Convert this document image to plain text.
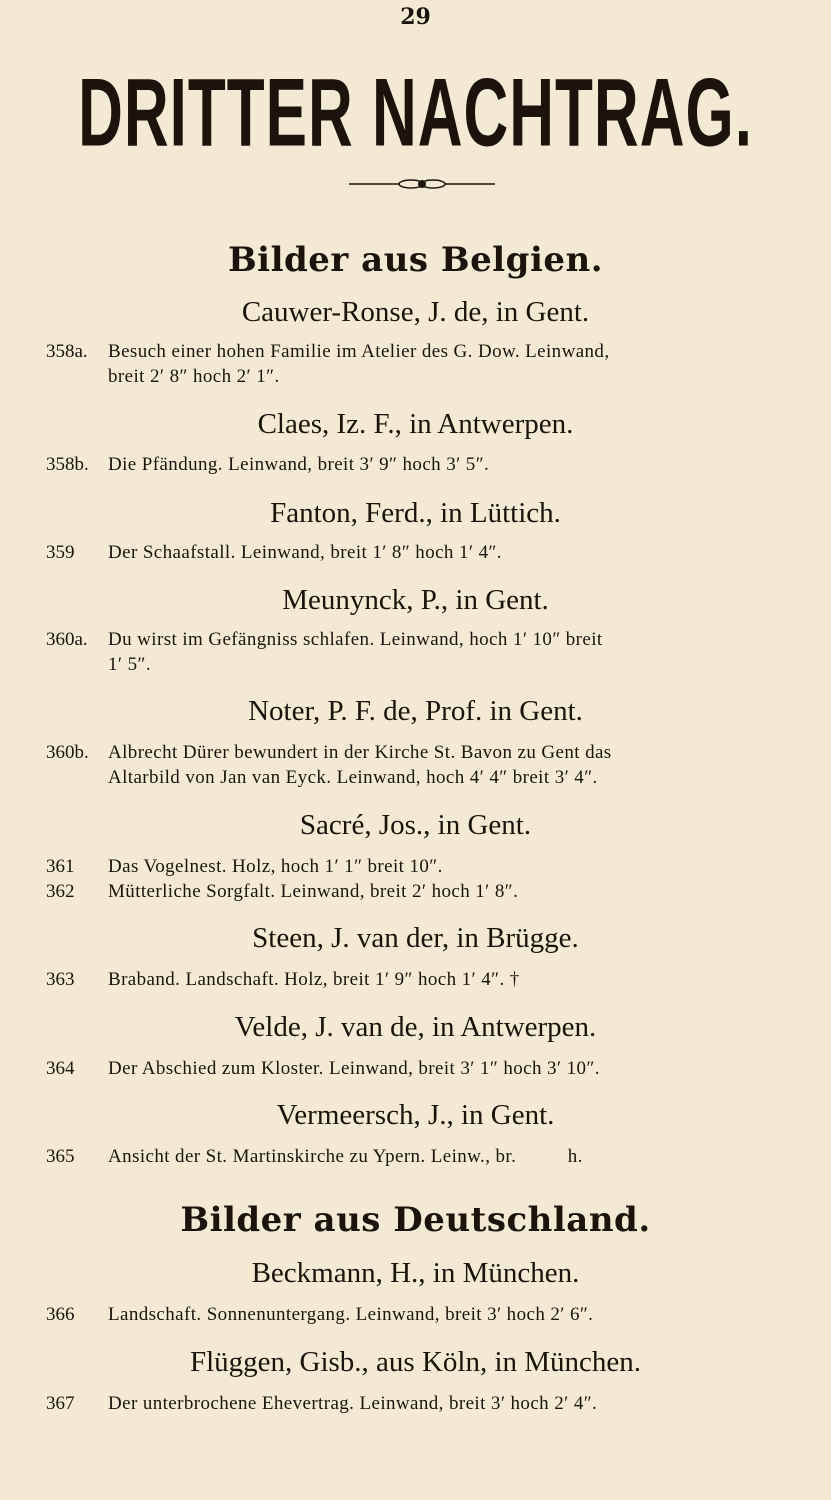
29
DRITTER NACHTRAG.
Bilder aus Belgien.
Cauwer-Ronse, J. de, in Gent.
358a. Besuch einer hohen Familie im Atelier des G. Dow. Leinwand,
breit 2′ 8″ hoch 2′ 1″.
Claes, Iz. F., in Antwerpen.
358b. Die Pfändung. Leinwand, breit 3′ 9″ hoch 3′ 5″.
Fanton, Ferd., in Lüttich.
359 Der Schaafstall. Leinwand, breit 1′ 8″ hoch 1′ 4″.
Meunynck, P., in Gent.
360a. Du wirst im Gefängniss schlafen. Leinwand, hoch 1′ 10″ breit
1′ 5″.
Noter, P. F. de, Prof. in Gent.
360b. Albrecht Dürer bewundert in der Kirche St. Bavon zu Gent das
Altarbild von Jan van Eyck. Leinwand, hoch 4′ 4″ breit 3′ 4″.
Sacré, Jos., in Gent.
361 Das Vogelnest. Holz, hoch 1′ 1″ breit 10″.
362 Mütterliche Sorgfalt. Leinwand, breit 2′ hoch 1′ 8″.
Steen, J. van der, in Brügge.
363 Braband. Landschaft. Holz, breit 1′ 9″ hoch 1′ 4″. †
Velde, J. van de, in Antwerpen.
364 Der Abschied zum Kloster. Leinwand, breit 3′ 1″ hoch 3′ 10″.
Vermeersch, J., in Gent.
365 Ansicht der St. Martinskirche zu Ypern. Leinw., br.          h.
Bilder aus Deutschland.
Beckmann, H., in München.
366 Landschaft. Sonnenuntergang. Leinwand, breit 3′ hoch 2′ 6″.
Flüggen, Gisb., aus Köln, in München.
367 Der unterbrochene Ehevertrag. Leinwand, breit 3′ hoch 2′ 4″.
